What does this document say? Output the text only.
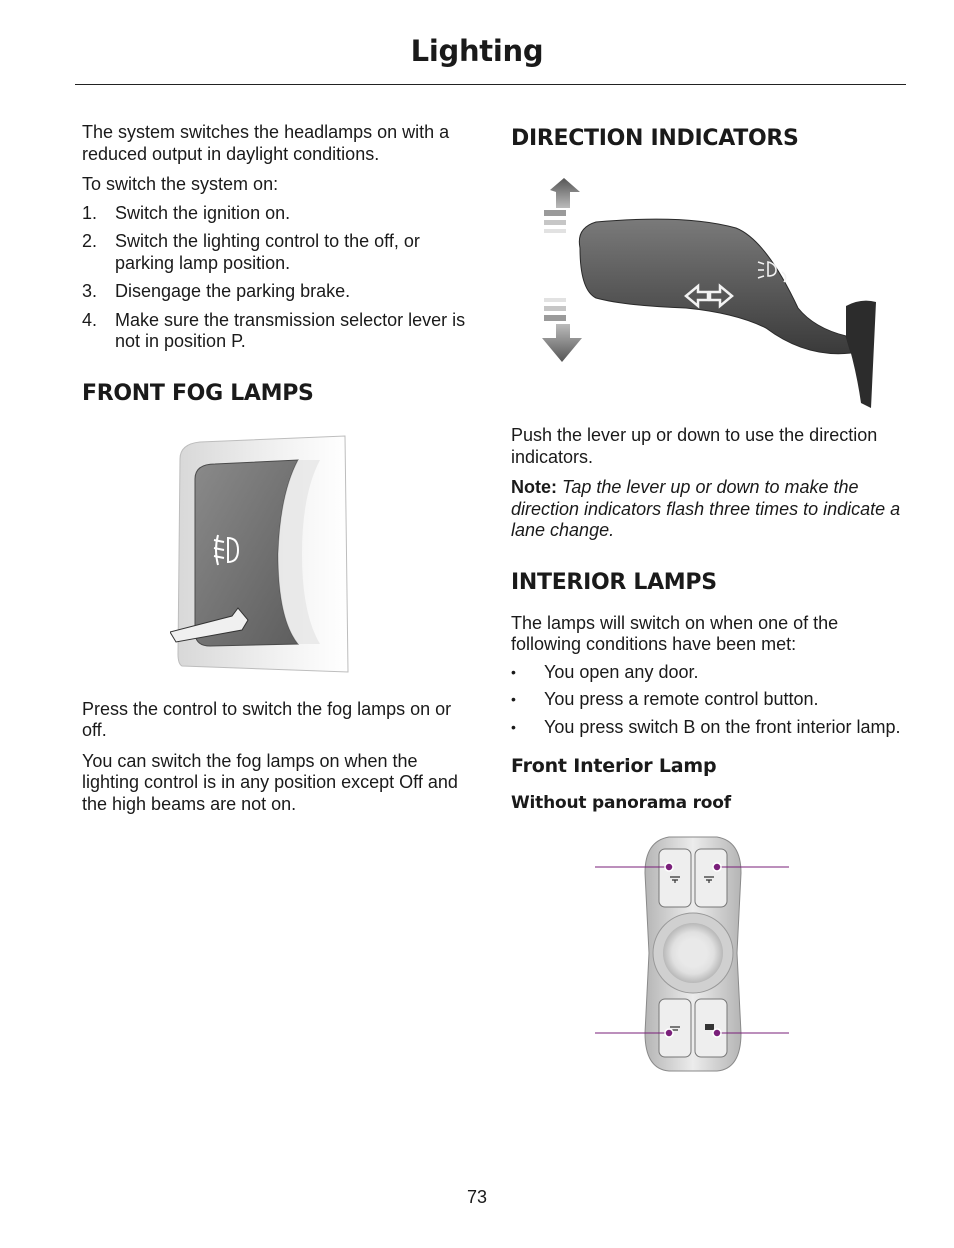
Lighting

The system switches the headlamps on with a reduced output in daylight conditions.

To switch the system on:

1. Switch the ignition on.
2. Switch the lighting control to the off, or parking lamp position.
3. Disengage the parking brake.
4. Make sure the transmission selector lever is not in position P.
FRONT FOG LAMPS

Press the control to switch the fog lamps on or off.

You can switch the fog lamps on when the lighting control is in any position except Off and the high beams are not on.

DIRECTION INDICATORS

Push the lever up or down to use the direction indicators.

Note: Tap the lever up or down to make the direction indicators flash three times to indicate a lane change.

INTERIOR LAMPS

The lamps will switch on when one of the following conditions have been met:

• You open any door.
• You press a remote control button.
• You press switch B on the front interior lamp.
Front Interior Lamp
Without panorama roof
73
